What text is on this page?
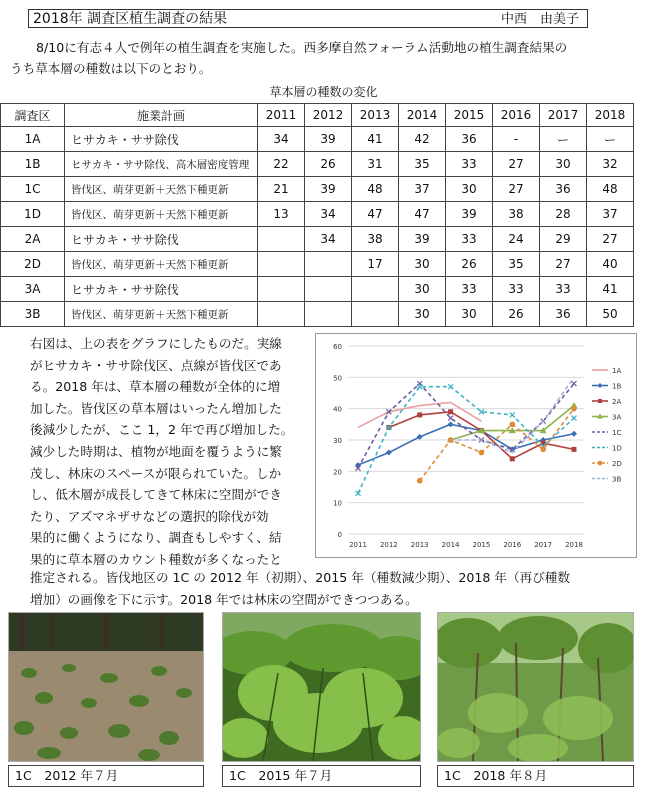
2018年 調査区植生調査の結果	中西　由美子
8/10に有志４人で例年の植生調査を実施した。西多摩自然フォーラム活動地の植生調査結果の
うち草本層の種数は以下のとおり。
草本層の種数の変化
調査区	施業計画	2011	2012	2013	2014	2015	2016	2017	2018
1A	ヒサカキ・ササ除伐	34	39	41	42	36	-	ー	ー
1B	ヒサカキ・ササ除伐、高木層密度管理	22	26	31	35	33	27	30	32
1C	皆伐区、萌芽更新＋天然下種更新	21	39	48	37	30	27	36	48
1D	皆伐区、萌芽更新＋天然下種更新	13	34	47	47	39	38	28	37
2A	ヒサカキ・ササ除伐		34	38	39	33	24	29	27
2D	皆伐区、萌芽更新＋天然下種更新			17	30	26	35	27	40
3A	ヒサカキ・ササ除伐				30	33	33	33	41
3B	皆伐区、萌芽更新＋天然下種更新				30	30	26	36	50
右図は、上の表をグラフにしたものだ。実線
がヒサカキ・ササ除伐区、点線が皆伐区であ
る。2018 年は、草本層の種数が全体的に増
加した。皆伐区の草本層はいったん増加した
後減少したが、ここ 1，2 年で再び増加した。
減少した時期は、植物が地面を覆うように繁
茂し、林床のスペースが限られていた。しか
し、低木層が成長してきて林床に空間ができ
たり、アズマネザサなどの選択的除伐が効
果的に働くようになり、調査もしやすく、結
果的に草本層のカウント種数が多くなったと
0
10
20
30
40
50
60
2011 2012 2013 2014 2015 2016 2017 2018
1A
1B
2A
3A
1C
1D
2D
3B
推定される。皆伐地区の 1C の 2012 年（初期）、2015 年（種数減少期）、2018 年（再び種数
増加）の画像を下に示す。2018 年では林床の空間ができつつある。
1C　2012 年７月	1C　2015 年７月	1C　2018 年８月
